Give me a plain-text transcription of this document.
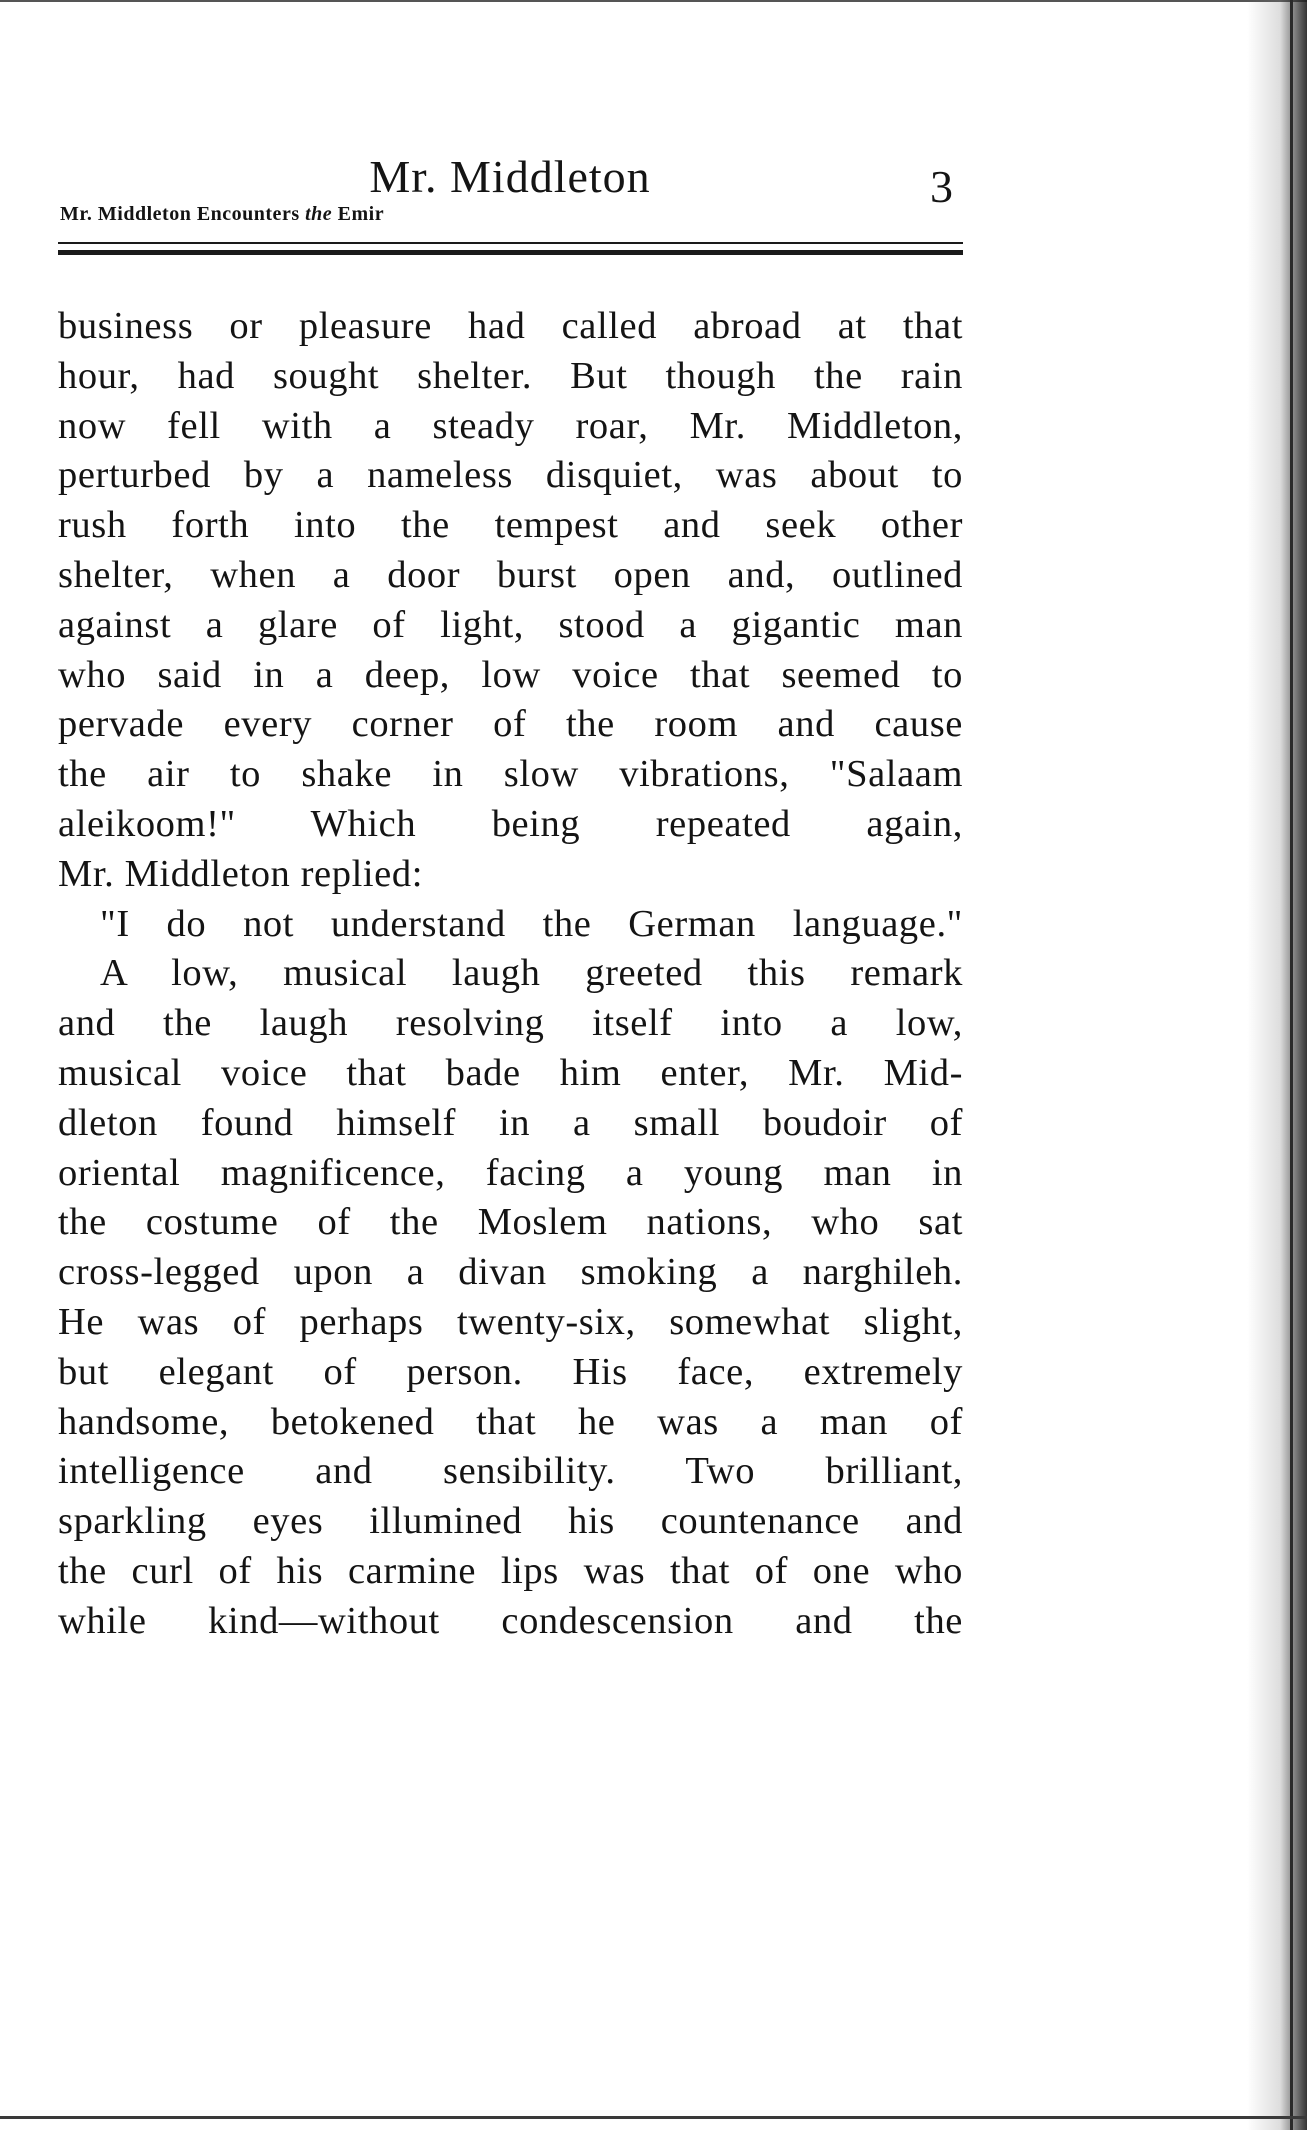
Mr. Middleton	3
Mr. Middleton Encounters the Emir
business or pleasure had called abroad at that
hour, had sought shelter. But though the rain
now fell with a steady roar, Mr. Middleton,
perturbed by a nameless disquiet, was about to
rush forth into the tempest and seek other
shelter, when a door burst open and, outlined
against a glare of light, stood a gigantic man
who said in a deep, low voice that seemed to
pervade every corner of the room and cause
the air to shake in slow vibrations, "Salaam
aleikoom!" Which being repeated again,
Mr. Middleton replied:
"I do not understand the German language."
A low, musical laugh greeted this remark
and the laugh resolving itself into a low,
musical voice that bade him enter, Mr. Mid-
dleton found himself in a small boudoir of
oriental magnificence, facing a young man in
the costume of the Moslem nations, who sat
cross-legged upon a divan smoking a narghileh.
He was of perhaps twenty-six, somewhat slight,
but elegant of person. His face, extremely
handsome, betokened that he was a man of
intelligence and sensibility. Two brilliant,
sparkling eyes illumined his countenance and
the curl of his carmine lips was that of one who
while kind—without condescension and the
